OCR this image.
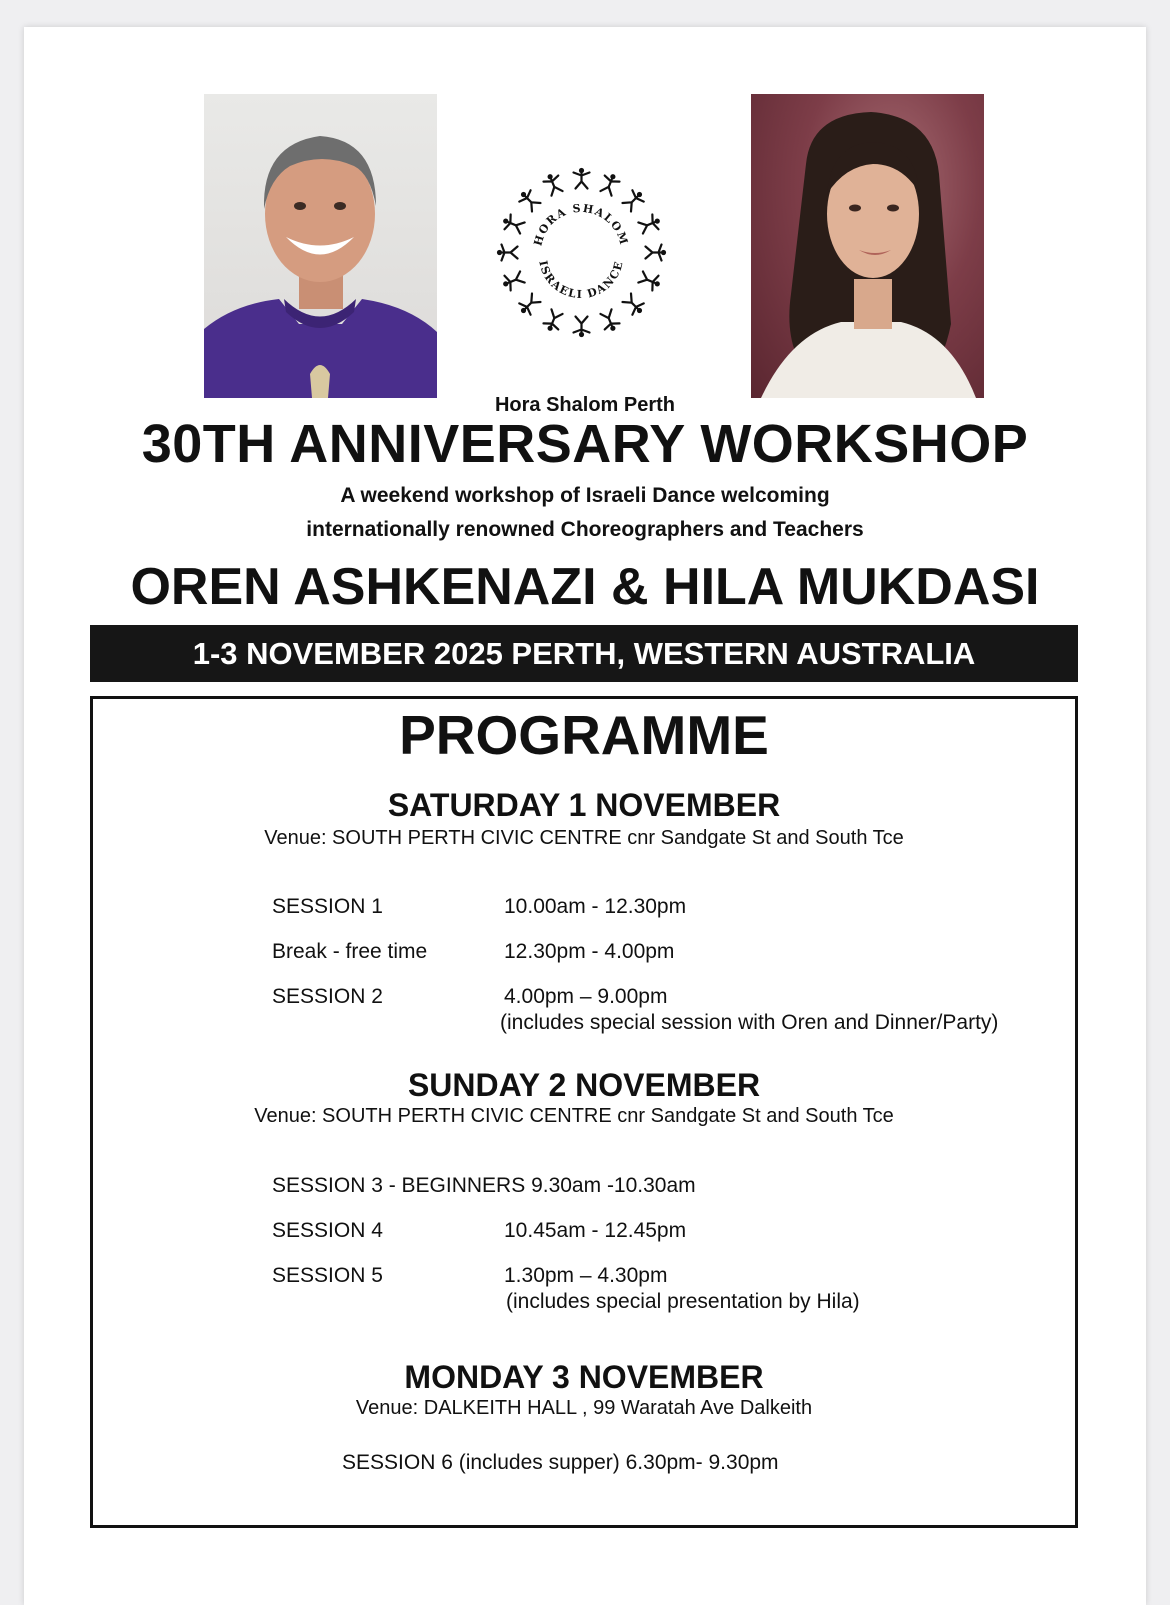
HORA SHALOM
ISRAELI DANCE
Hora Shalom Perth
30TH ANNIVERSARY WORKSHOP
A weekend workshop of Israeli Dance welcoming
internationally renowned Choreographers and Teachers
OREN ASHKENAZI & HILA MUKDASI
1-3 NOVEMBER 2025 PERTH, WESTERN AUSTRALIA
PROGRAMME
SATURDAY 1 NOVEMBER
Venue: SOUTH PERTH CIVIC CENTRE cnr Sandgate St and South Tce
SESSION 1	10.00am - 12.30pm
Break - free time	12.30pm - 4.00pm
SESSION 2	4.00pm – 9.00pm
(includes special session with Oren and Dinner/Party)
SUNDAY 2 NOVEMBER
Venue: SOUTH PERTH CIVIC CENTRE cnr Sandgate St and South Tce
SESSION 3 - BEGINNERS 9.30am -10.30am
SESSION 4	10.45am - 12.45pm
SESSION 5	1.30pm – 4.30pm
(includes special presentation by Hila)
MONDAY 3 NOVEMBER
Venue: DALKEITH HALL , 99 Waratah Ave Dalkeith
SESSION 6 (includes supper) 6.30pm- 9.30pm
